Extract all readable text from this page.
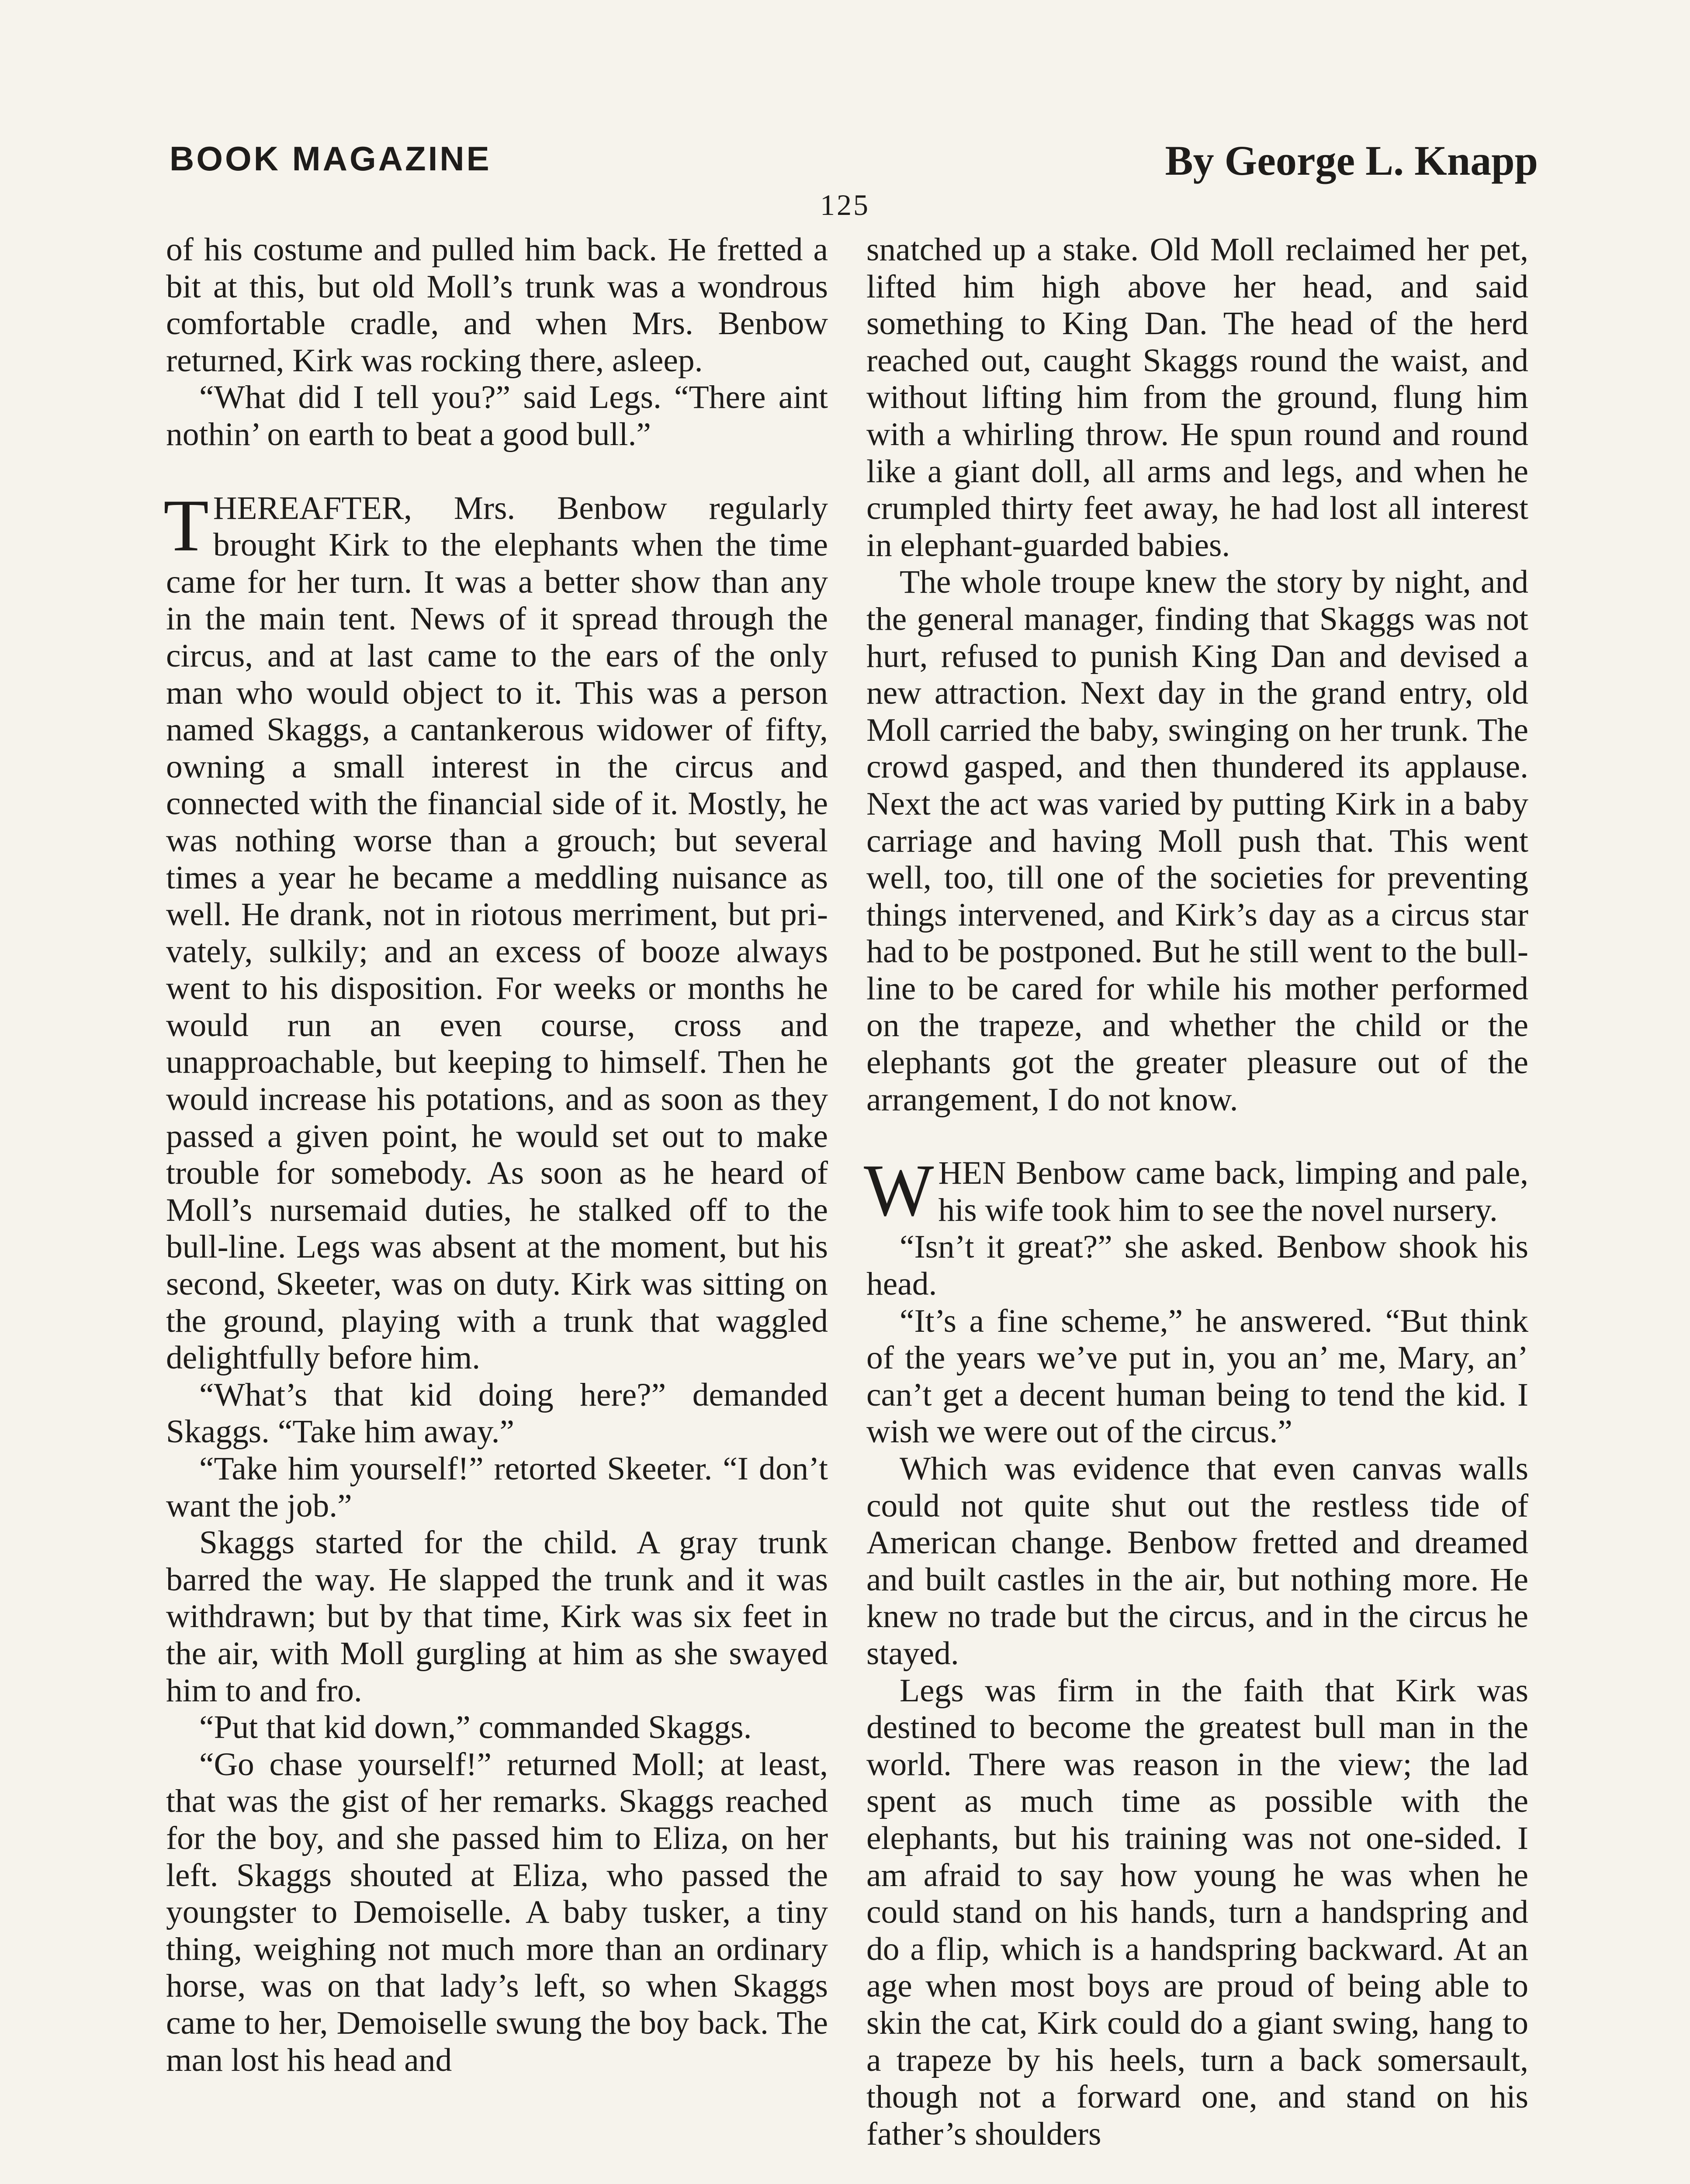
BOOK MAGAZINE	By George L. Knapp
125

of his costume and pulled him back. He fretted a bit at this, but old Moll’s trunk was a wondrous comfortable cradle, and when Mrs. Benbow returned, Kirk was rocking there, asleep.

“What did I tell you?” said Legs. “There aint nothin’ on earth to beat a good bull.”

THEREAFTER, Mrs. Benbow regularly brought Kirk to the elephants when the time came for her turn. It was a better show than any in the main tent. News of it spread through the circus, and at last came to the ears of the only man who would object to it. This was a person named Skaggs, a cantankerous widower of fifty, owning a small interest in the circus and connected with the financial side of it. Mostly, he was nothing worse than a grouch; but several times a year he became a meddling nuisance as well. He drank, not in riotous merriment, but privately, sulkily; and an excess of booze always went to his disposition. For weeks or months he would run an even course, cross and unapproachable, but keeping to himself. Then he would increase his potations, and as soon as they passed a given point, he would set out to make trouble for somebody. As soon as he heard of Moll’s nursemaid duties, he stalked off to the bull-line. Legs was absent at the moment, but his second, Skeeter, was on duty. Kirk was sitting on the ground, playing with a trunk that waggled delightfully before him.

“What’s that kid doing here?” demanded Skaggs. “Take him away.”

“Take him yourself!” retorted Skeeter. “I don’t want the job.”

Skaggs started for the child. A gray trunk barred the way. He slapped the trunk and it was withdrawn; but by that time, Kirk was six feet in the air, with Moll gurgling at him as she swayed him to and fro.

“Put that kid down,” commanded Skaggs.

“Go chase yourself!” returned Moll; at least, that was the gist of her remarks. Skaggs reached for the boy, and she passed him to Eliza, on her left. Skaggs shouted at Eliza, who passed the youngster to Demoiselle. A baby tusker, a tiny thing, weighing not much more than an ordinary horse, was on that lady’s left, so when Skaggs came to her, Demoiselle swung the boy back. The man lost his head and

snatched up a stake. Old Moll reclaimed her pet, lifted him high above her head, and said something to King Dan. The head of the herd reached out, caught Skaggs round the waist, and without lifting him from the ground, flung him with a whirling throw. He spun round and round like a giant doll, all arms and legs, and when he crumpled thirty feet away, he had lost all interest in elephant-guarded babies.

The whole troupe knew the story by night, and the general manager, finding that Skaggs was not hurt, refused to punish King Dan and devised a new attraction. Next day in the grand entry, old Moll carried the baby, swinging on her trunk. The crowd gasped, and then thundered its applause. Next the act was varied by putting Kirk in a baby carriage and having Moll push that. This went well, too, till one of the societies for preventing things intervened, and Kirk’s day as a circus star had to be postponed. But he still went to the bull-line to be cared for while his mother performed on the trapeze, and whether the child or the elephants got the greater pleasure out of the arrangement, I do not know.

WHEN Benbow came back, limping and pale, his wife took him to see the novel nursery.

“Isn’t it great?” she asked. Benbow shook his head.

“It’s a fine scheme,” he answered. “But think of the years we’ve put in, you an’ me, Mary, an’ can’t get a decent human being to tend the kid. I wish we were out of the circus.”

Which was evidence that even canvas walls could not quite shut out the restless tide of American change. Benbow fretted and dreamed and built castles in the air, but nothing more. He knew no trade but the circus, and in the circus he stayed.

Legs was firm in the faith that Kirk was destined to become the greatest bull man in the world. There was reason in the view; the lad spent as much time as possible with the elephants, but his training was not one-sided. I am afraid to say how young he was when he could stand on his hands, turn a handspring and do a flip, which is a handspring backward. At an age when most boys are proud of being able to skin the cat, Kirk could do a giant swing, hang to a trapeze by his heels, turn a back somersault, though not a forward one, and stand on his father’s shoulders
